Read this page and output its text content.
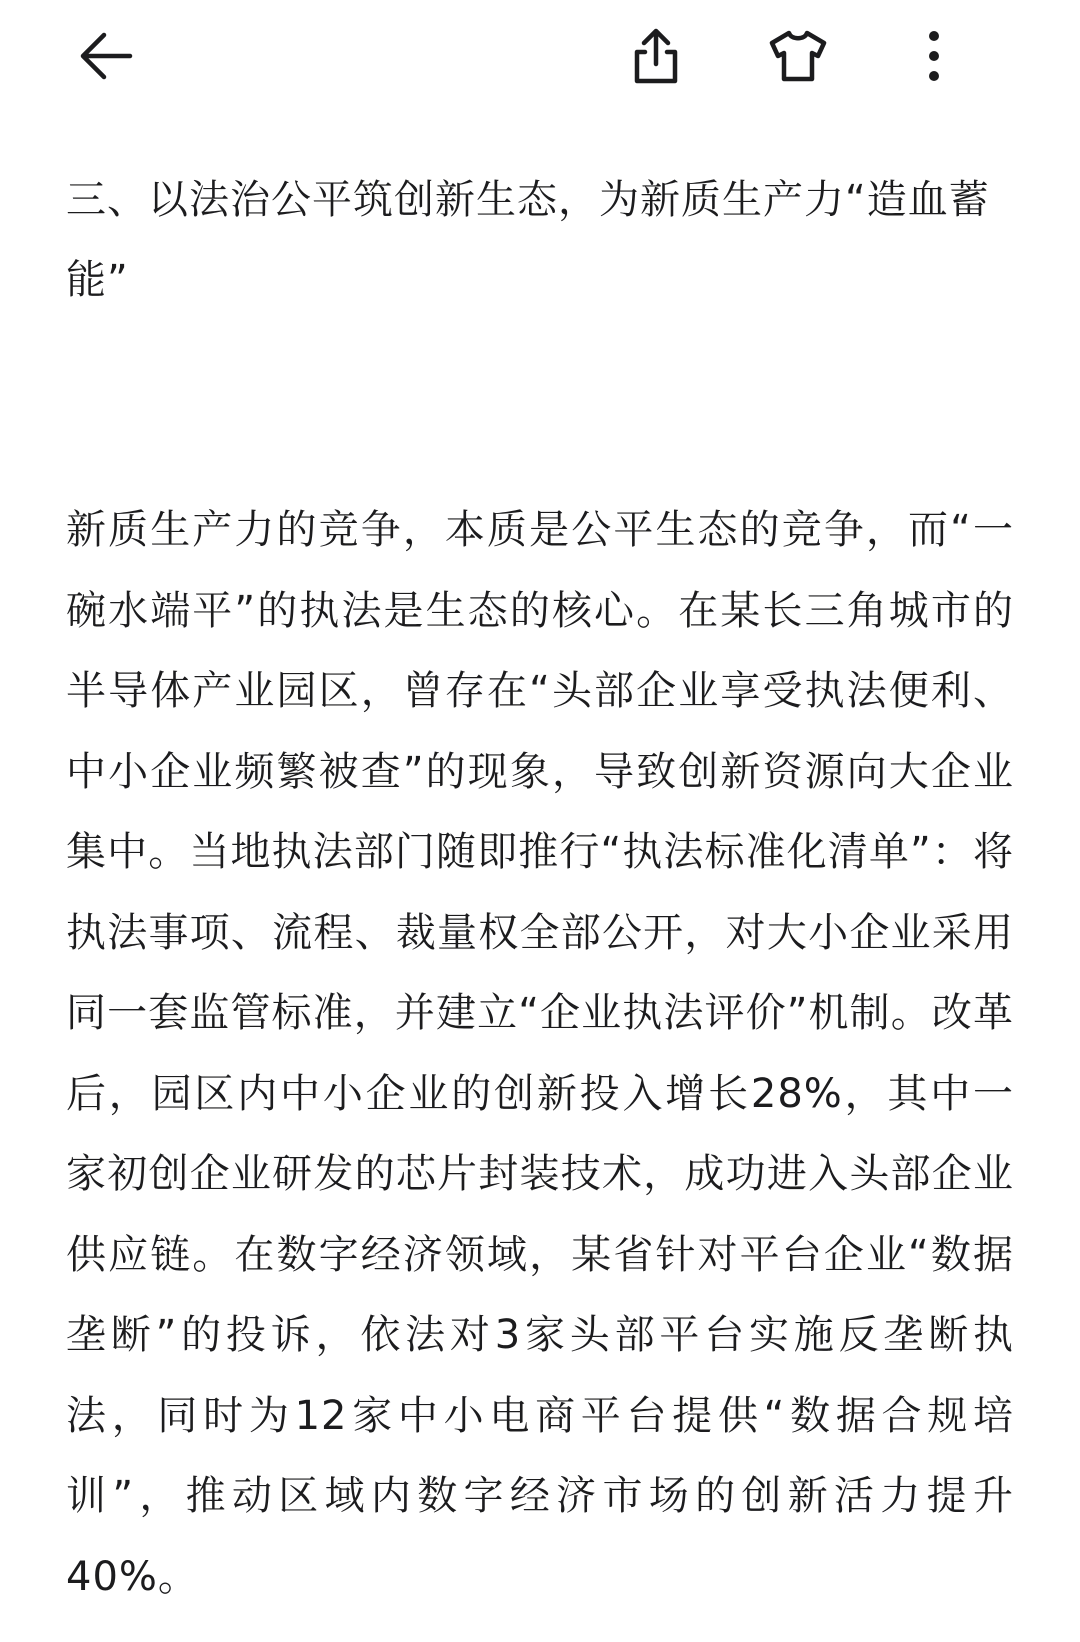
三、以法治公平筑创新生态，为新质生产力“造血蓄能”

新质生产力的竞争，本质是公平生态的竞争，而“一碗水端平”的执法是生态的核心。在某长三角城市的半导体产业园区，曾存在“头部企业享受执法便利、中小企业频繁被查”的现象，导致创新资源向大企业集中。当地执法部门随即推行“执法标准化清单”：将执法事项、流程、裁量权全部公开，对大小企业采用同一套监管标准，并建立“企业执法评价”机制。改革后，园区内中小企业的创新投入增长28%，其中一家初创企业研发的芯片封装技术，成功进入头部企业供应链。在数字经济领域，某省针对平台企业“数据垄断”的投诉，依法对3家头部平台实施反垄断执法，同时为12家中小电商平台提供“数据合规培训”，推动区域内数字经济市场的创新活力提升40%。
